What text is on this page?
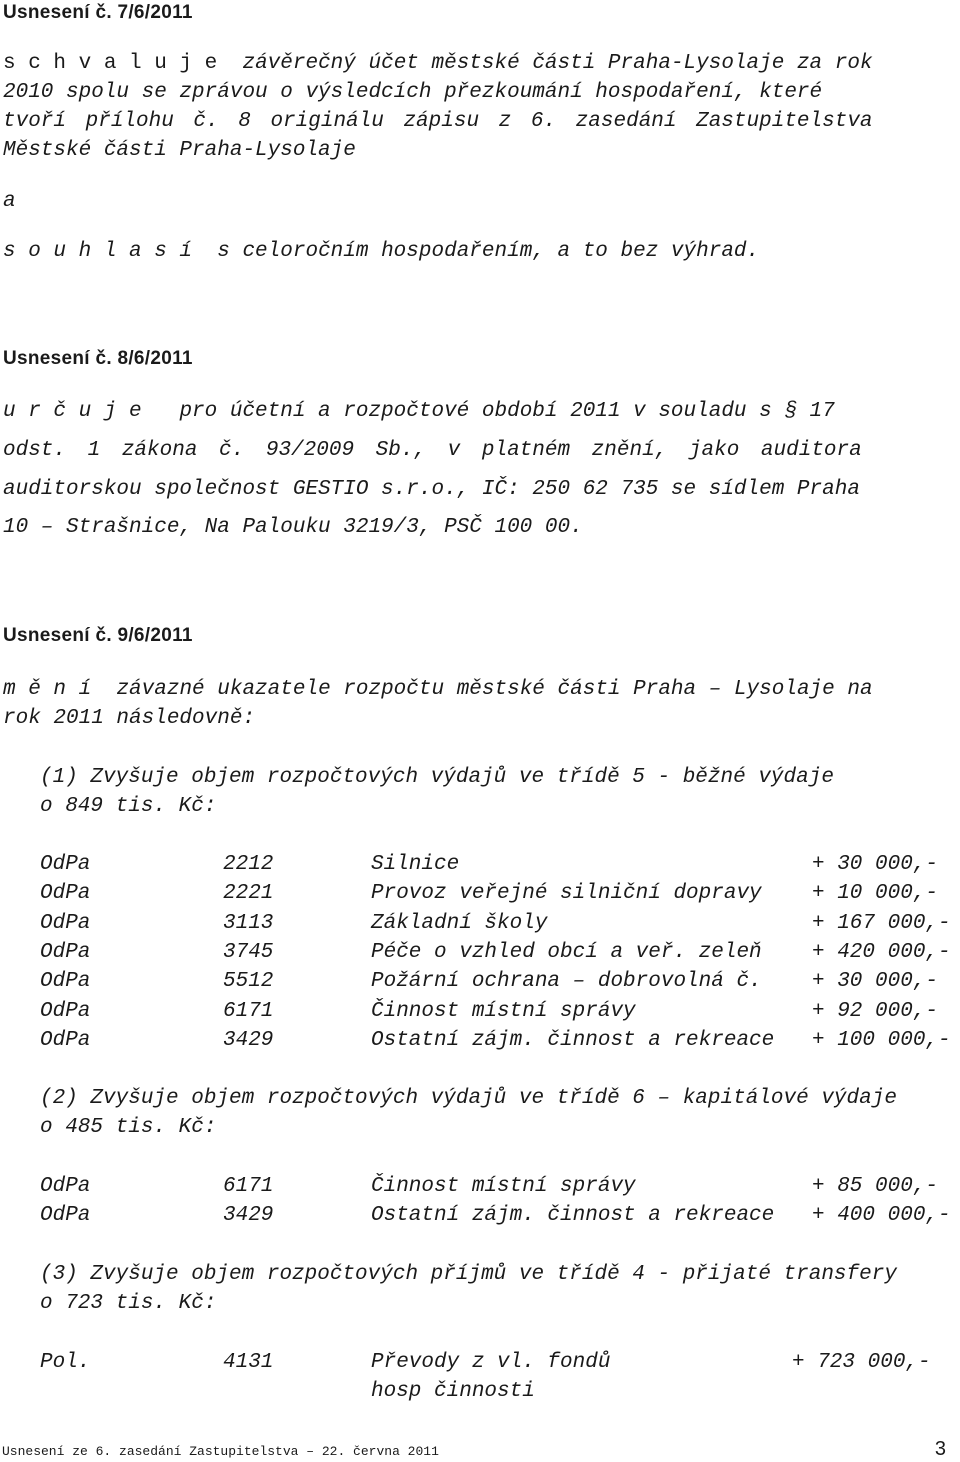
Usnesení č. 7/6/2011
s c h v a l u j e závěrečný účet městské části Praha-Lysolaje za rok
2010 spolu se zprávou o výsledcích přezkoumání hospodaření, které
tvoří přílohu č. 8 originálu zápisu z 6. zasedání Zastupitelstva
Městské části Praha-Lysolaje
a
s o u h l a s í s celoročním hospodařením, a to bez výhrad.
Usnesení č. 8/6/2011
u r č u j e pro účetní a rozpočtové období 2011 v souladu s § 17
odst. 1 zákona č. 93/2009 Sb., v platném znění, jako auditora
auditorskou společnost GESTIO s.r.o., IČ: 250 62 735 se sídlem Praha
10 – Strašnice, Na Palouku 3219/3, PSČ 100 00.
Usnesení č. 9/6/2011
m ě n í závazné ukazatele rozpočtu městské části Praha – Lysolaje na
rok 2011 následovně:
(1) Zvyšuje objem rozpočtových výdajů ve třídě 5 - běžné výdaje
o 849 tis. Kč:
OdPa	2212	Silnice	+ 30 000,-
OdPa	2221	Provoz veřejné silniční dopravy + 10 000,-
OdPa	3113	Základní školy	+ 167 000,-
OdPa	3745	Péče o vzhled obcí a veř. zeleň + 420 000,-
OdPa	5512	Požární ochrana – dobrovolná č. + 30 000,-
OdPa	6171	Činnost místní správy	+ 92 000,-
OdPa	3429	Ostatní zájm. činnost a rekreace + 100 000,-
(2) Zvyšuje objem rozpočtových výdajů ve třídě 6 – kapitálové výdaje
o 485 tis. Kč:
OdPa	6171	Činnost místní správy	+ 85 000,-
OdPa	3429	Ostatní zájm. činnost a rekreace + 400 000,-
(3) Zvyšuje objem rozpočtových příjmů ve třídě 4 - přijaté transfery
o 723 tis. Kč:
Pol.	4131	Převody z vl. fondů	+ 723 000,-
hosp činnosti
Usnesení ze 6. zasedání Zastupitelstva – 22. června 2011	3
